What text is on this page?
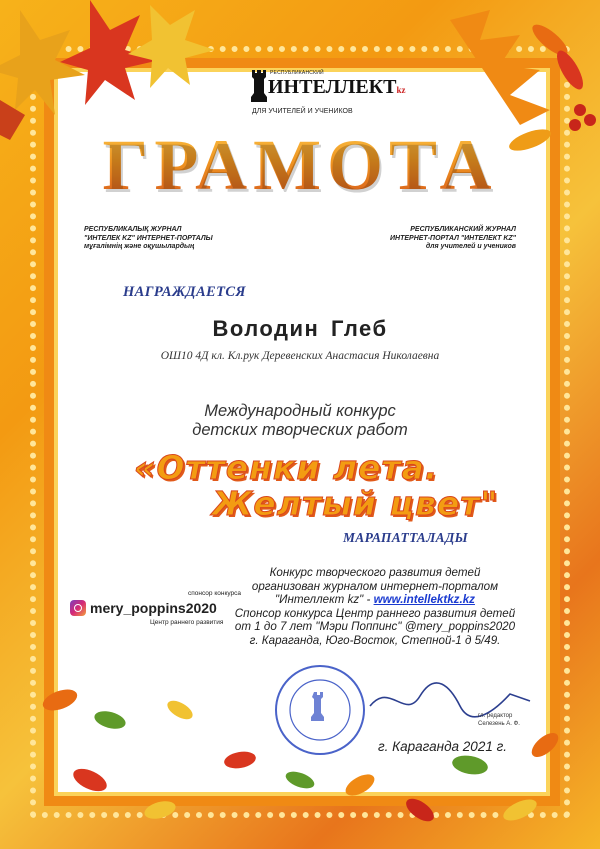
РЕСПУБЛИКАНСКИЙ
ИНТЕЛЛЕКТkz
ДЛЯ УЧИТЕЛЕЙ И УЧЕНИКОВ
ГРАМОТА
РЕСПУБЛИКАЛЫҚ ЖУРНАЛ
"ИНТЕЛЕК KZ" ИНТЕРНЕТ-ПОРТАЛЫ
мұғалімнің және оқушылардың
РЕСПУБЛИКАНСКИЙ ЖУРНАЛ
ИНТЕРНЕТ-ПОРТАЛ "ИНТЕЛЕКТ KZ"
для учителей и учеников
НАГРАЖДАЕТСЯ
Володин Глеб
ОШ10 4Д кл. Кл.рук Деревенских Анастасия Николаевна
Международный конкурс
детских творческих работ
«Оттенки лета.
Желтый цвет"
МАРАПАТТАЛАДЫ
спонсор конкурса
mery_poppins2020
Центр раннего развития
Конкурс творческого развития детей
организован журналом интернет-порталом
"Интеллект kz" - www.intellektkz.kz
Спонсор конкурса Центр раннего развития детей
от 1 до 7 лет "Мэри Поппинс" @mery_poppins2020
г. Караганда, Юго-Восток, Степной-1 д 5/49.
гл. редактор
Селезень А. Ф.
г. Караганда 2021 г.
